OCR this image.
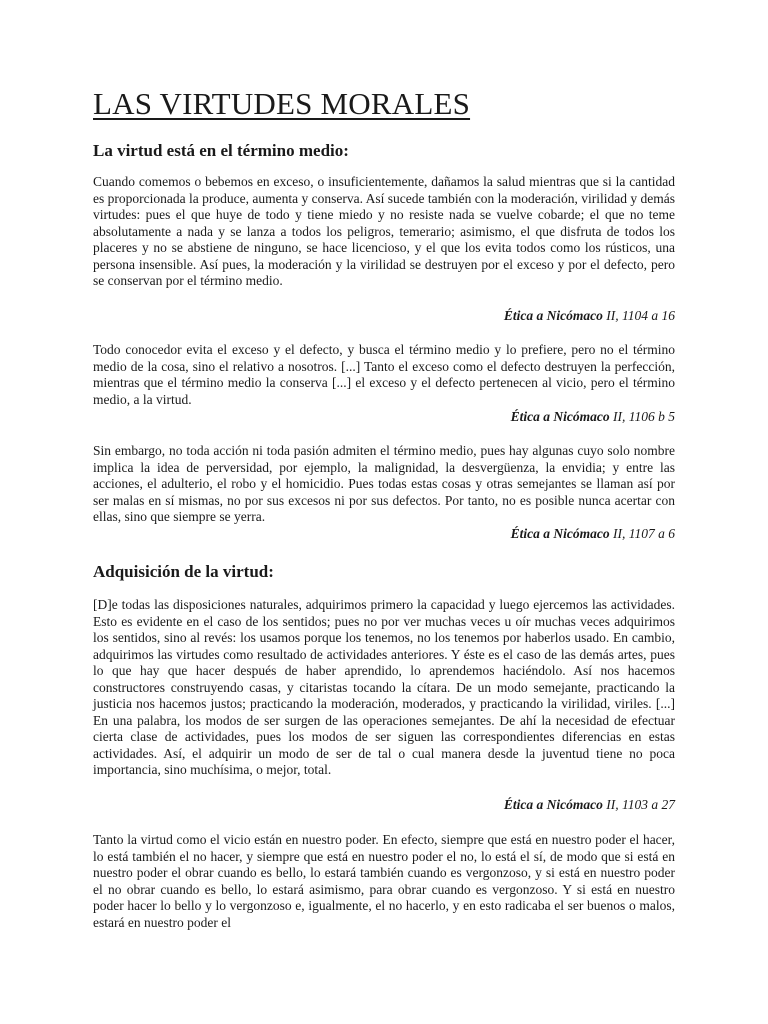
LAS VIRTUDES MORALES
La virtud está en el término medio:

Cuando comemos o bebemos en exceso, o insuficientemente, dañamos la salud mientras que si la cantidad es proporcionada la produce, aumenta y conserva. Así sucede también con la moderación, virilidad y demás virtudes: pues el que huye de todo y tiene miedo y no resiste nada se vuelve cobarde; el que no teme absolutamente a nada y se lanza a todos los peligros, temerario; asimismo, el que disfruta de todos los placeres y no se abstiene de ninguno, se hace licencioso, y el que los evita todos como los rústicos, una persona insensible. Así pues, la moderación y la virilidad se destruyen por el exceso y por el defecto, pero se conservan por el término medio.

Ética a Nicómaco II, 1104 a 16

Todo conocedor evita el exceso y el defecto, y busca el término medio y lo prefiere, pero no el término medio de la cosa, sino el relativo a nosotros. [...] Tanto el exceso como el defecto destruyen la perfección, mientras que el término medio la conserva [...] el exceso y el defecto pertenecen al vicio, pero el término medio, a la virtud.

Ética a Nicómaco II, 1106 b 5

Sin embargo, no toda acción ni toda pasión admiten el término medio, pues hay algunas cuyo solo nombre implica la idea de perversidad, por ejemplo, la malignidad, la desvergüenza, la envidia; y entre las acciones, el adulterio, el robo y el homicidio. Pues todas estas cosas y otras semejantes se llaman así por ser malas en sí mismas, no por sus excesos ni por sus defectos. Por tanto, no es posible nunca acertar con ellas, sino que siempre se yerra.

Ética a Nicómaco II, 1107 a 6
Adquisición de la virtud:

[D]e todas las disposiciones naturales, adquirimos primero la capacidad y luego ejercemos las actividades. Esto es evidente en el caso de los sentidos; pues no por ver muchas veces u oír muchas veces adquirimos los sentidos, sino al revés: los usamos porque los tenemos, no los tenemos por haberlos usado. En cambio, adquirimos las virtudes como resultado de actividades anteriores. Y éste es el caso de las demás artes, pues lo que hay que hacer después de haber aprendido, lo aprendemos haciéndolo. Así nos hacemos constructores construyendo casas, y citaristas tocando la cítara. De un modo semejante, practicando la justicia nos hacemos justos; practicando la moderación, moderados, y practicando la virilidad, viriles. [...] En una palabra, los modos de ser surgen de las operaciones semejantes. De ahí la necesidad de efectuar cierta clase de actividades, pues los modos de ser siguen las correspondientes diferencias en estas actividades. Así, el adquirir un modo de ser de tal o cual manera desde la juventud tiene no poca importancia, sino muchísima, o mejor, total.

Ética a Nicómaco II, 1103 a 27

Tanto la virtud como el vicio están en nuestro poder. En efecto, siempre que está en nuestro poder el hacer, lo está también el no hacer, y siempre que está en nuestro poder el no, lo está el sí, de modo que si está en nuestro poder el obrar cuando es bello, lo estará también cuando es vergonzoso, y si está en nuestro poder el no obrar cuando es bello, lo estará asimismo, para obrar cuando es vergonzoso. Y si está en nuestro poder hacer lo bello y lo vergonzoso e, igualmente, el no hacerlo, y en esto radicaba el ser buenos o malos, estará en nuestro poder el
